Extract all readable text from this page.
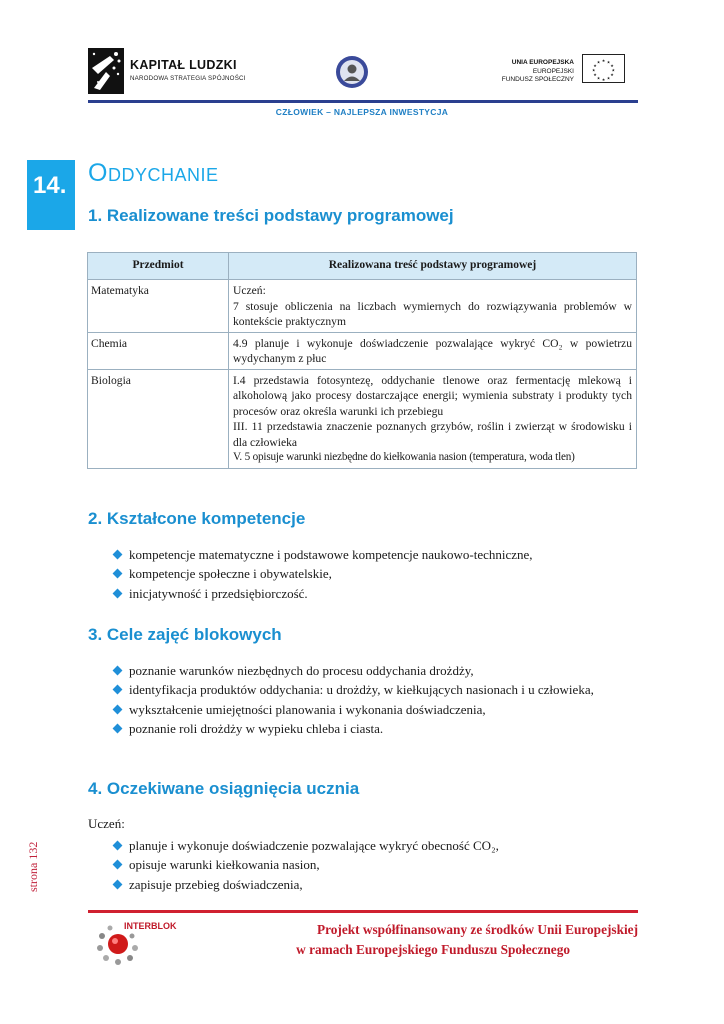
KAPITAŁ LUDZKI
NARODOWA STRATEGIA SPÓJNOŚCI
UNIA EUROPEJSKA
EUROPEJSKI
FUNDUSZ SPOŁECZNY
★ ★
★
★
★
★
★
★
★
★
★
★
CZŁOWIEK – NAJLEPSZA INWESTYCJA
14. Oddychanie
1. Realizowane treści podstawy programowej
Przedmiot	Realizowana treść podstawy programowej
Matematyka	Uczeń:
7 stosuje obliczenia na liczbach wymiernych do rozwiązywania problemów w kontekście praktycznym

Chemia	4.9 planuje i wykonuje doświadczenie pozwalające wykryć CO₂ w powietrzu wydychanym z płuc

Biologia	I.4 przedstawia fotosyntezę, oddychanie tlenowe oraz fermentację mlekową i alkoholową jako procesy dostarczające energii; wymienia substraty i produkty tych procesów oraz określa warunki ich przebiegu
III. 11 przedstawia znaczenie poznanych grzybów, roślin i zwierząt w środowisku i dla człowieka
V. 5 opisuje warunki niezbędne do kiełkowania nasion (temperatura, woda tlen)
2. Kształcone kompetencje
kompetencje matematyczne i podstawowe kompetencje naukowo-techniczne,
kompetencje społeczne i obywatelskie,
inicjatywność i przedsiębiorczość.
3. Cele zajęć blokowych
poznanie warunków niezbędnych do procesu oddychania drożdży,
identyfikacja produktów oddychania: u drożdży, w kiełkujących nasionach i u człowieka,
wykształcenie umiejętności planowania i wykonania doświadczenia,
poznanie roli drożdży w wypieku chleba i ciasta.
4. Oczekiwane osiągnięcia ucznia
Uczeń:
planuje i wykonuje doświadczenie pozwalające wykryć obecność CO₂,
opisuje warunki kiełkowania nasion,
zapisuje przebieg doświadczenia,
strona 132
INTERBLOK	Projekt współfinansowany ze środków Unii Europejskiej
w ramach Europejskiego Funduszu Społecznego
